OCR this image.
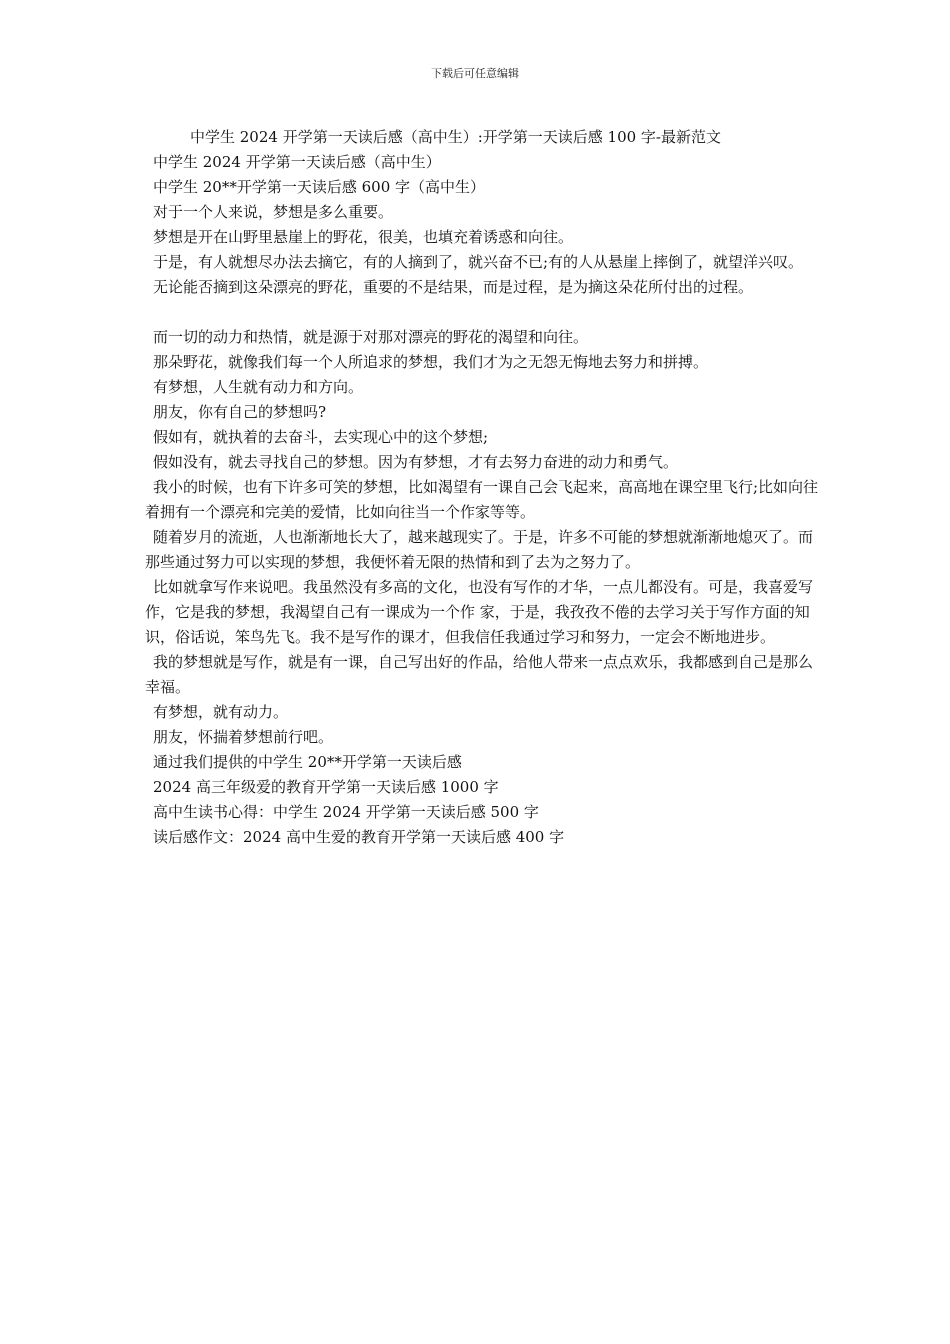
下载后可任意编辑
中学生 2024 开学第一天读后感（高中生）:开学第一天读后感 100 字-最新范文

中学生 2024 开学第一天读后感（高中生）

中学生 20**开学第一天读后感 600 字（高中生）

对于一个人来说，梦想是多么重要。

梦想是开在山野里悬崖上的野花，很美，也填充着诱惑和向往。

于是，有人就想尽办法去摘它，有的人摘到了，就兴奋不已;有的人从悬崖上摔倒了，就望洋兴叹。

无论能否摘到这朵漂亮的野花，重要的不是结果，而是过程，是为摘这朵花所付出的过程。

而一切的动力和热情，就是源于对那对漂亮的野花的渴望和向往。

那朵野花，就像我们每一个人所追求的梦想，我们才为之无怨无悔地去努力和拼搏。

有梦想，人生就有动力和方向。

朋友，你有自己的梦想吗?

假如有，就执着的去奋斗，去实现心中的这个梦想;

假如没有，就去寻找自己的梦想。因为有梦想，才有去努力奋进的动力和勇气。

我小的时候，也有下许多可笑的梦想，比如渴望有一课自己会飞起来，高高地在课空里飞行;比如向往着拥有一个漂亮和完美的爱情，比如向往当一个作家等等。

随着岁月的流逝，人也渐渐地长大了，越来越现实了。于是，许多不可能的梦想就渐渐地熄灭了。而那些通过努力可以实现的梦想，我便怀着无限的热情和到了去为之努力了。

比如就拿写作来说吧。我虽然没有多高的文化，也没有写作的才华，一点儿都没有。可是，我喜爱写作，它是我的梦想，我渴望自己有一课成为一个作 家，于是，我孜孜不倦的去学习关于写作方面的知识，俗话说，笨鸟先飞。我不是写作的课才，但我信任我通过学习和努力，一定会不断地进步。

我的梦想就是写作，就是有一课，自己写出好的作品，给他人带来一点点欢乐，我都感到自己是那么幸福。

有梦想，就有动力。

朋友，怀揣着梦想前行吧。

通过我们提供的中学生 20**开学第一天读后感

2024 高三年级爱的教育开学第一天读后感 1000 字

高中生读书心得：中学生 2024 开学第一天读后感 500 字

读后感作文：2024 高中生爱的教育开学第一天读后感 400 字
